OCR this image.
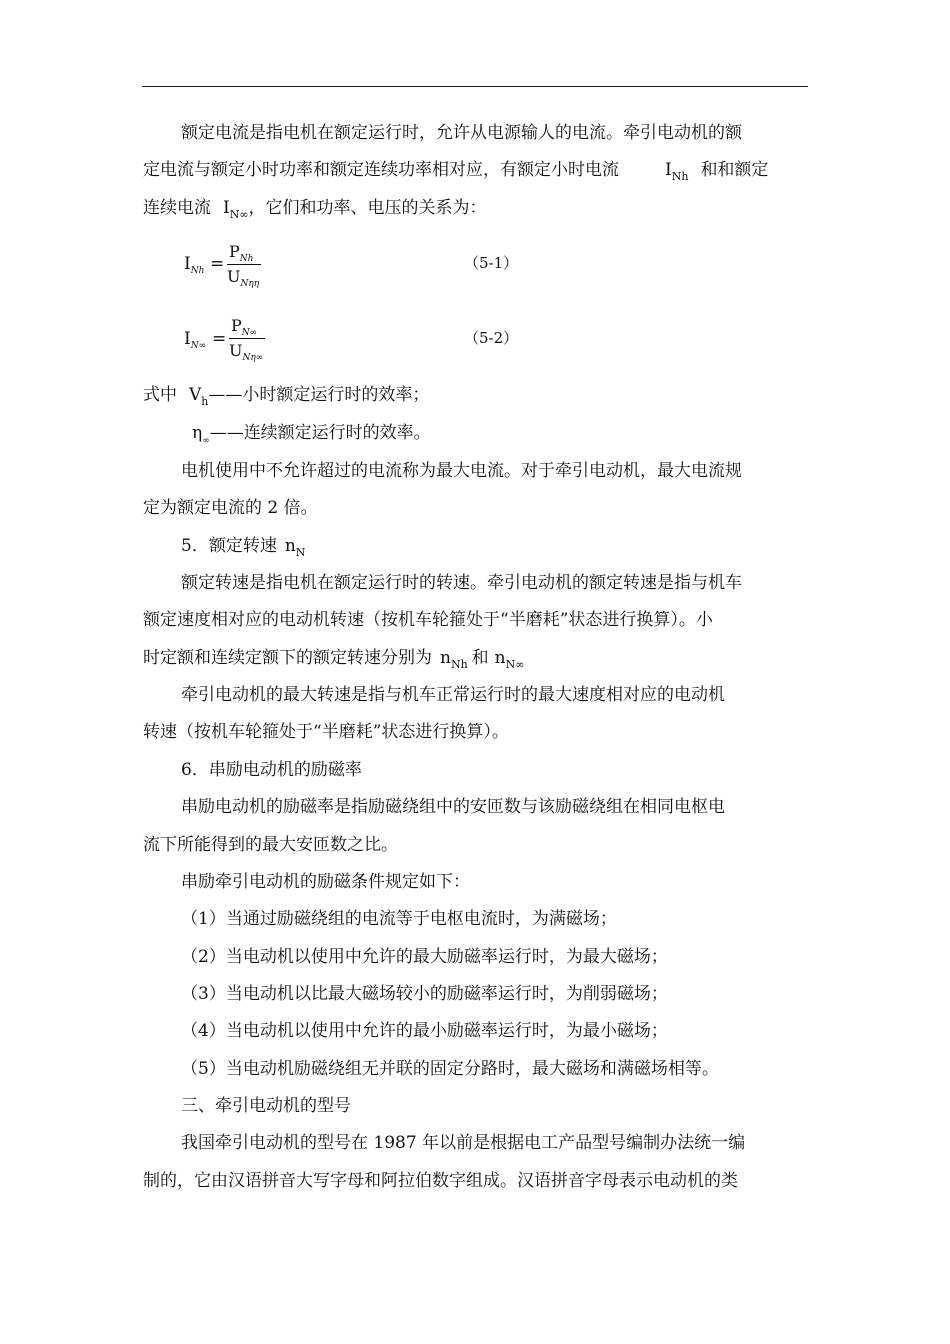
额定电流是指电机在额定运行时，允许从电源输人的电流。牵引电动机的额
定电流与额定小时功率和额定连续功率相对应，有额定小时电流	$I_{Nh}$ 和和额定
连续电流 $I_{N\infty}$，它们和功率、电压的关系为：
$I_{Nh}$ =
$P_{Nh}$
$U_{N\eta\eta}$
（5-1）
$I_{N\infty}$ =
$P_{N\infty}$
$U_{N\eta\infty}$
（5-2）
式中 $V_h——$小时额定运行时的效率；
$\eta_\infty——$连续额定运行时的效率。
电机使用中不允许超过的电流称为最大电流。对于牵引电动机，最大电流规
定为额定电流的 2 倍。
5．额定转速 $n_N$
额定转速是指电机在额定运行时的转速。牵引电动机的额定转速是指与机车
额定速度相对应的电动机转速（按机车轮箍处于“半磨耗”状态进行换算）。小
时定额和连续定额下的额定转速分别为 $n_{Nh}$ 和 $n_{N\infty}$
牵引电动机的最大转速是指与机车正常运行时的最大速度相对应的电动机
转速（按机车轮箍处于“半磨耗”状态进行换算）。
6．串励电动机的励磁率
串励电动机的励磁率是指励磁绕组中的安匝数与该励磁绕组在相同电枢电
流下所能得到的最大安匝数之比。
串励牵引电动机的励磁条件规定如下：
（1）当通过励磁绕组的电流等于电枢电流时，为满磁场；
（2）当电动机以使用中允许的最大励磁率运行时，为最大磁场；
（3）当电动机以比最大磁场较小的励磁率运行时，为削弱磁场；
（4）当电动机以使用中允许的最小励磁率运行时，为最小磁场；
（5）当电动机励磁绕组无并联的固定分路时，最大磁场和满磁场相等。
三、牵引电动机的型号
我国牵引电动机的型号在 1987 年以前是根据电工产品型号编制办法统一编
制的，它由汉语拼音大写字母和阿拉伯数字组成。汉语拼音字母表示电动机的类
